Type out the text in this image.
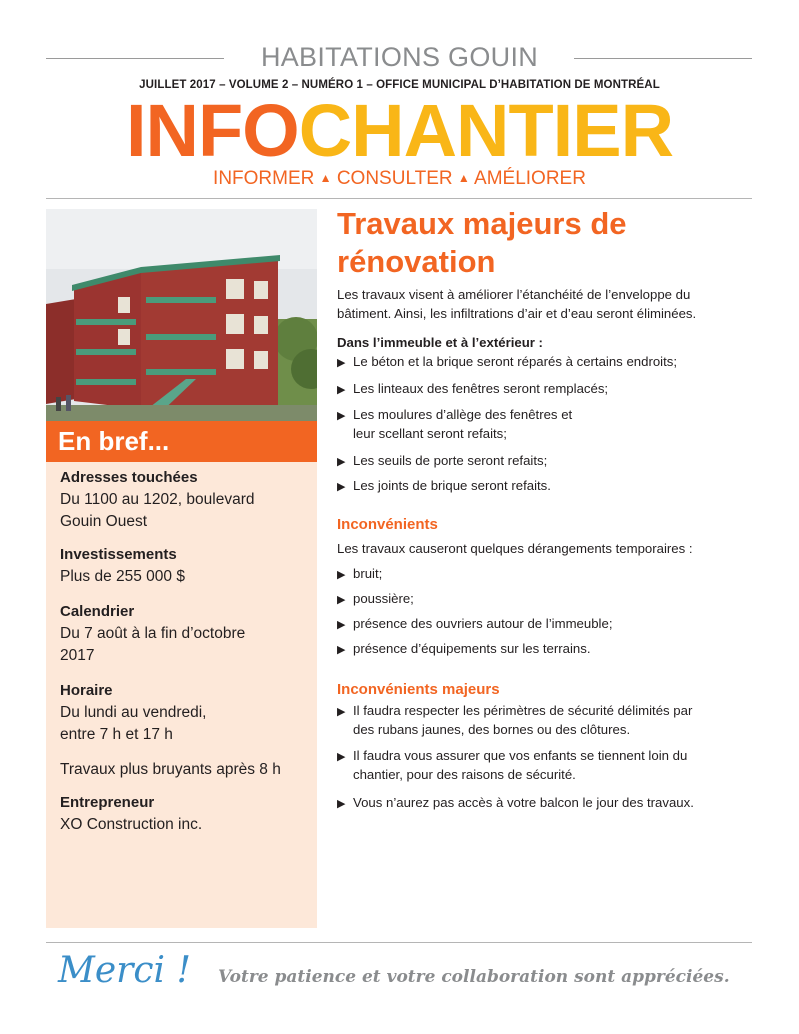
HABITATIONS GOUIN
JUILLET 2017 – VOLUME 2 – NUMÉRO 1 – OFFICE MUNICIPAL D’HABITATION DE MONTRÉAL
INFOCHANTIER
INFORMER ▲ CONSULTER ▲ AMÉLIORER
En bref...
Adresses touchées
Du 1100 au 1202, boulevard
Gouin Ouest
Investissements
Plus de 255 000 $
Calendrier
Du 7 août à la fin d’octobre
2017
Horaire
Du lundi au vendredi,
entre 7 h et 17 h
Travaux plus bruyants après 8 h
Entrepreneur
XO Construction inc.
Travaux majeurs de
rénovation
Les travaux visent à améliorer l’étanchéité de l’enveloppe du
bâtiment. Ainsi, les infiltrations d’air et d’eau seront éliminées.
Dans l’immeuble et à l’extérieur :
▶ Le béton et la brique seront réparés à certains endroits;
▶ Les linteaux des fenêtres seront remplacés;
▶ Les moulures d’allège des fenêtres et
leur scellant seront refaits;
▶ Les seuils de porte seront refaits;
▶ Les joints de brique seront refaits.
Inconvénients
Les travaux causeront quelques dérangements temporaires :
▶ bruit;
▶ poussière;
▶ présence des ouvriers autour de l’immeuble;
▶ présence d’équipements sur les terrains.
Inconvénients majeurs
▶ Il faudra respecter les périmètres de sécurité délimités par
des rubans jaunes, des bornes ou des clôtures.
▶ Il faudra vous assurer que vos enfants se tiennent loin du
chantier, pour des raisons de sécurité.
▶ Vous n’aurez pas accès à votre balcon le jour des travaux.
Merci ! Votre patience et votre collaboration sont appréciées.
